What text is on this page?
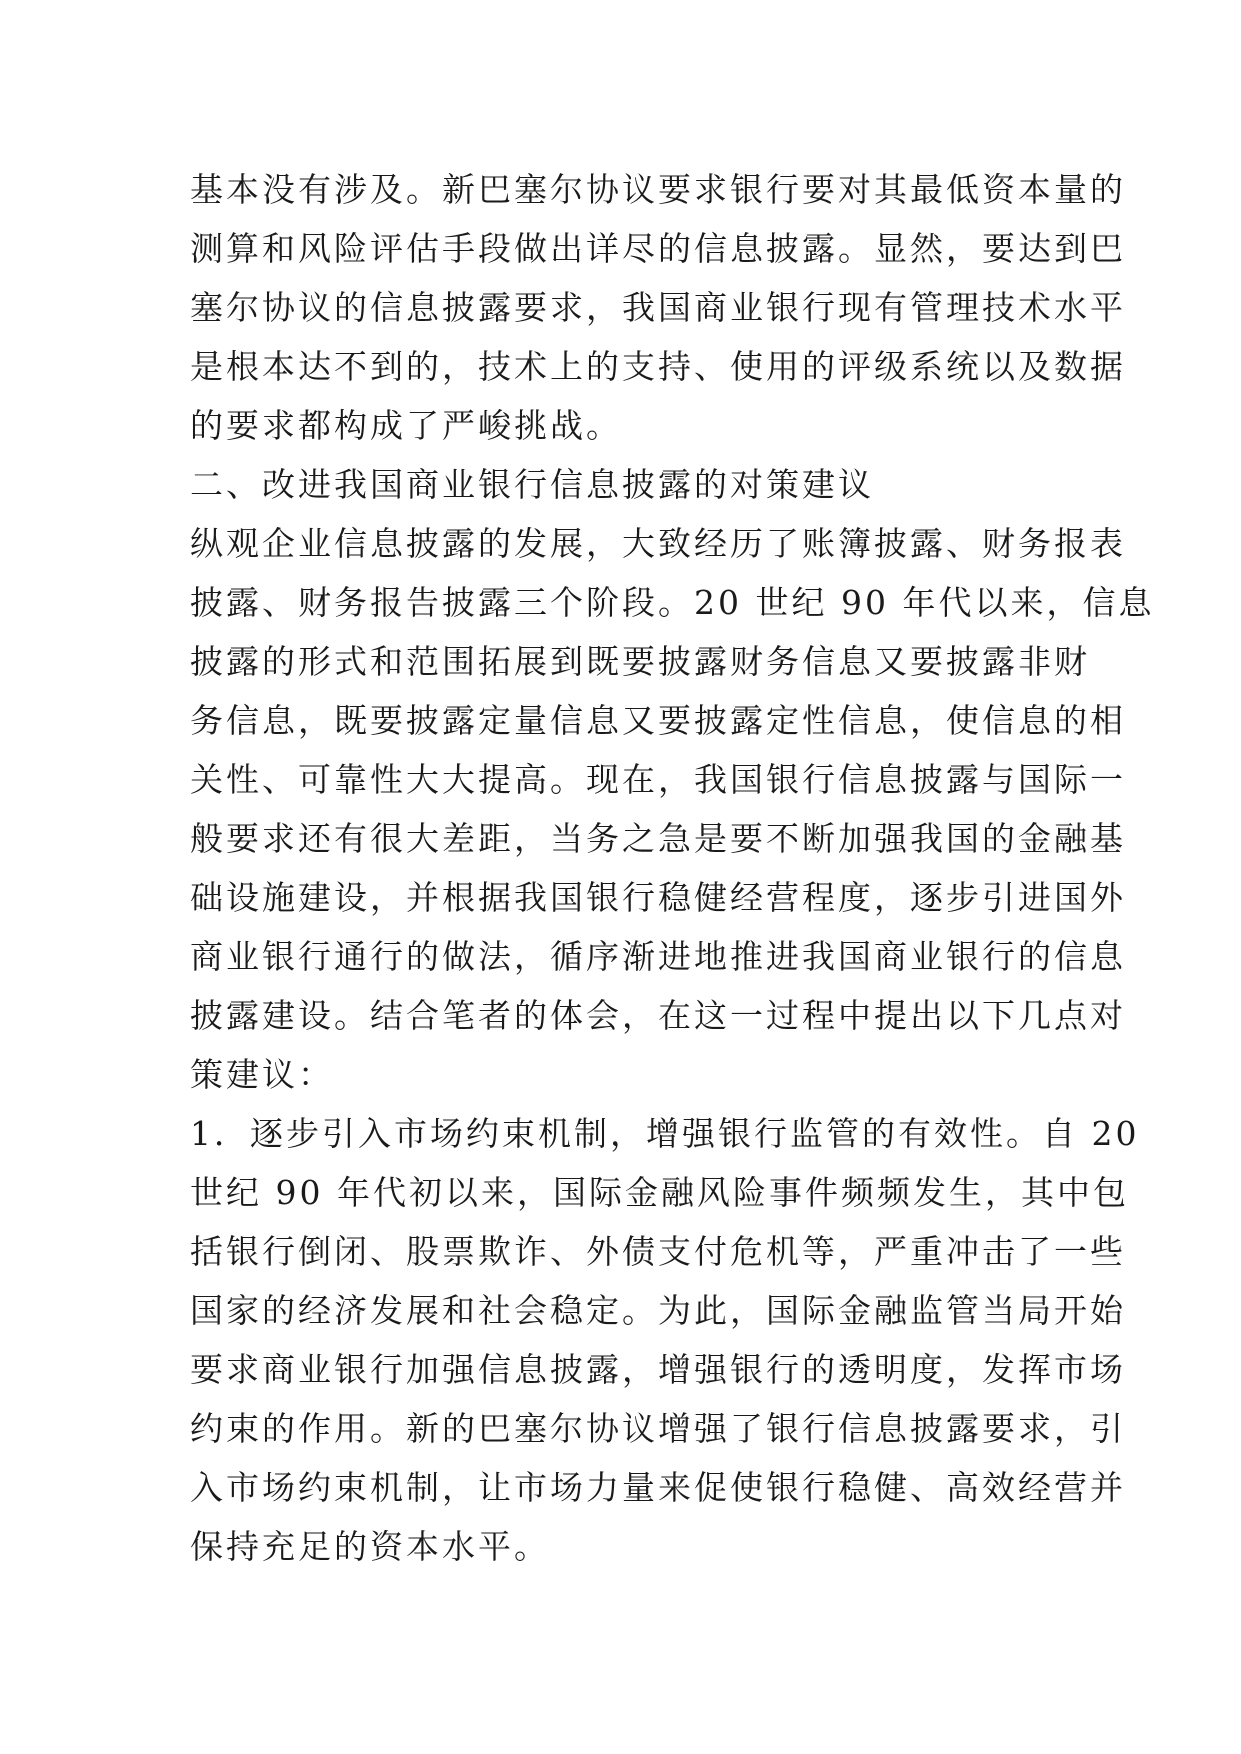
基本没有涉及。新巴塞尔协议要求银行要对其最低资本量的
测算和风险评估手段做出详尽的信息披露。显然，要达到巴
塞尔协议的信息披露要求，我国商业银行现有管理技术水平
是根本达不到的，技术上的支持、使用的评级系统以及数据
的要求都构成了严峻挑战。
二、改进我国商业银行信息披露的对策建议
纵观企业信息披露的发展，大致经历了账簿披露、财务报表
披露、财务报告披露三个阶段。20 世纪 90 年代以来，信息
披露的形式和范围拓展到既要披露财务信息又要披露非财
务信息，既要披露定量信息又要披露定性信息，使信息的相
关性、可靠性大大提高。现在，我国银行信息披露与国际一
般要求还有很大差距，当务之急是要不断加强我国的金融基
础设施建设，并根据我国银行稳健经营程度，逐步引进国外
商业银行通行的做法，循序渐进地推进我国商业银行的信息
披露建设。结合笔者的体会，在这一过程中提出以下几点对
策建议：
1．逐步引入市场约束机制，增强银行监管的有效性。自 20
世纪 90 年代初以来，国际金融风险事件频频发生，其中包
括银行倒闭、股票欺诈、外债支付危机等，严重冲击了一些
国家的经济发展和社会稳定。为此，国际金融监管当局开始
要求商业银行加强信息披露，增强银行的透明度，发挥市场
约束的作用。新的巴塞尔协议增强了银行信息披露要求，引
入市场约束机制，让市场力量来促使银行稳健、高效经营并
保持充足的资本水平。
